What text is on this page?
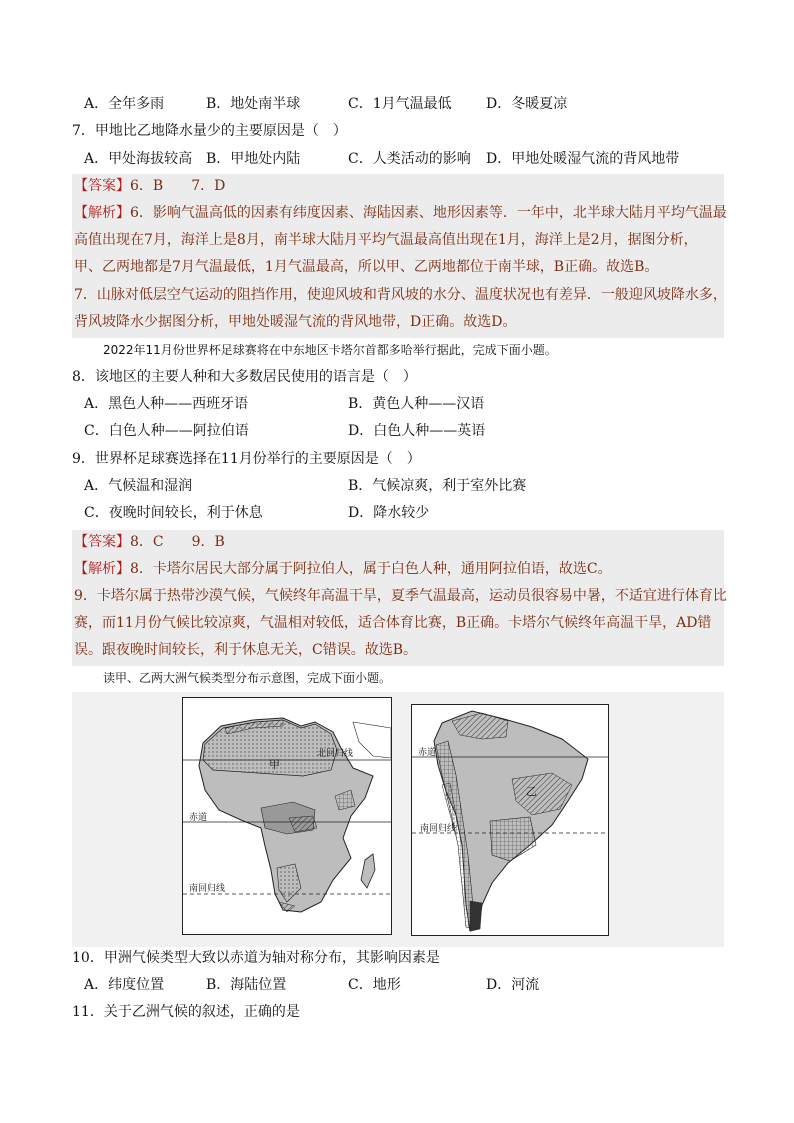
A．全年多雨	B．地处南半球	C．1月气温最低 D．冬暖夏凉
7．甲地比乙地降水量少的主要原因是（　）
A．甲处海拔较高 B．甲地处内陆	C．人类活动的影响 D．甲地处暖湿气流的背风地带
【答案】6．B　　7．D
【解析】6．影响气温高低的因素有纬度因素、海陆因素、地形因素等．一年中，北半球大陆月平均气温最
高值出现在7月，海洋上是8月，南半球大陆月平均气温最高值出现在1月，海洋上是2月，据图分析，
甲、乙两地都是7月气温最低，1月气温最高，所以甲、乙两地都位于南半球，B正确。故选B。
7．山脉对低层空气运动的阻挡作用，使迎风坡和背风坡的水分、温度状况也有差异．一般迎风坡降水多，
背风坡降水少据图分析，甲地处暖湿气流的背风地带，D正确。故选D。
2022年11月份世界杯足球赛将在中东地区卡塔尔首都多哈举行据此，完成下面小题。
8．该地区的主要人种和大多数居民使用的语言是（　）
A．黑色人种——西班牙语	B．黄色人种——汉语
C．白色人种——阿拉伯语	D．白色人种——英语
9．世界杯足球赛选择在11月份举行的主要原因是（　）
A．气候温和湿润	B．气候凉爽，利于室外比赛
C．夜晚时间较长，利于休息	D．降水较少
【答案】8．C　　9．B
【解析】8．卡塔尔居民大部分属于阿拉伯人，属于白色人种，通用阿拉伯语，故选C。
9．卡塔尔属于热带沙漠气候，气候终年高温干旱，夏季气温最高，运动员很容易中暑，不适宜进行体育比
赛，而11月份气候比较凉爽，气温相对较低，适合体育比赛，B正确。卡塔尔气候终年高温干旱，AD错
误。跟夜晚时间较长，利于休息无关，C错误。故选B。
读甲、乙两大洲气候类型分布示意图，完成下面小题。
甲
北回归线
赤道
南回归线
赤道
乙
南回归线
10．甲洲气候类型大致以赤道为轴对称分布，其影响因素是
A．纬度位置	B．海陆位置	C．地形	D．河流
11．关于乙洲气候的叙述，正确的是
